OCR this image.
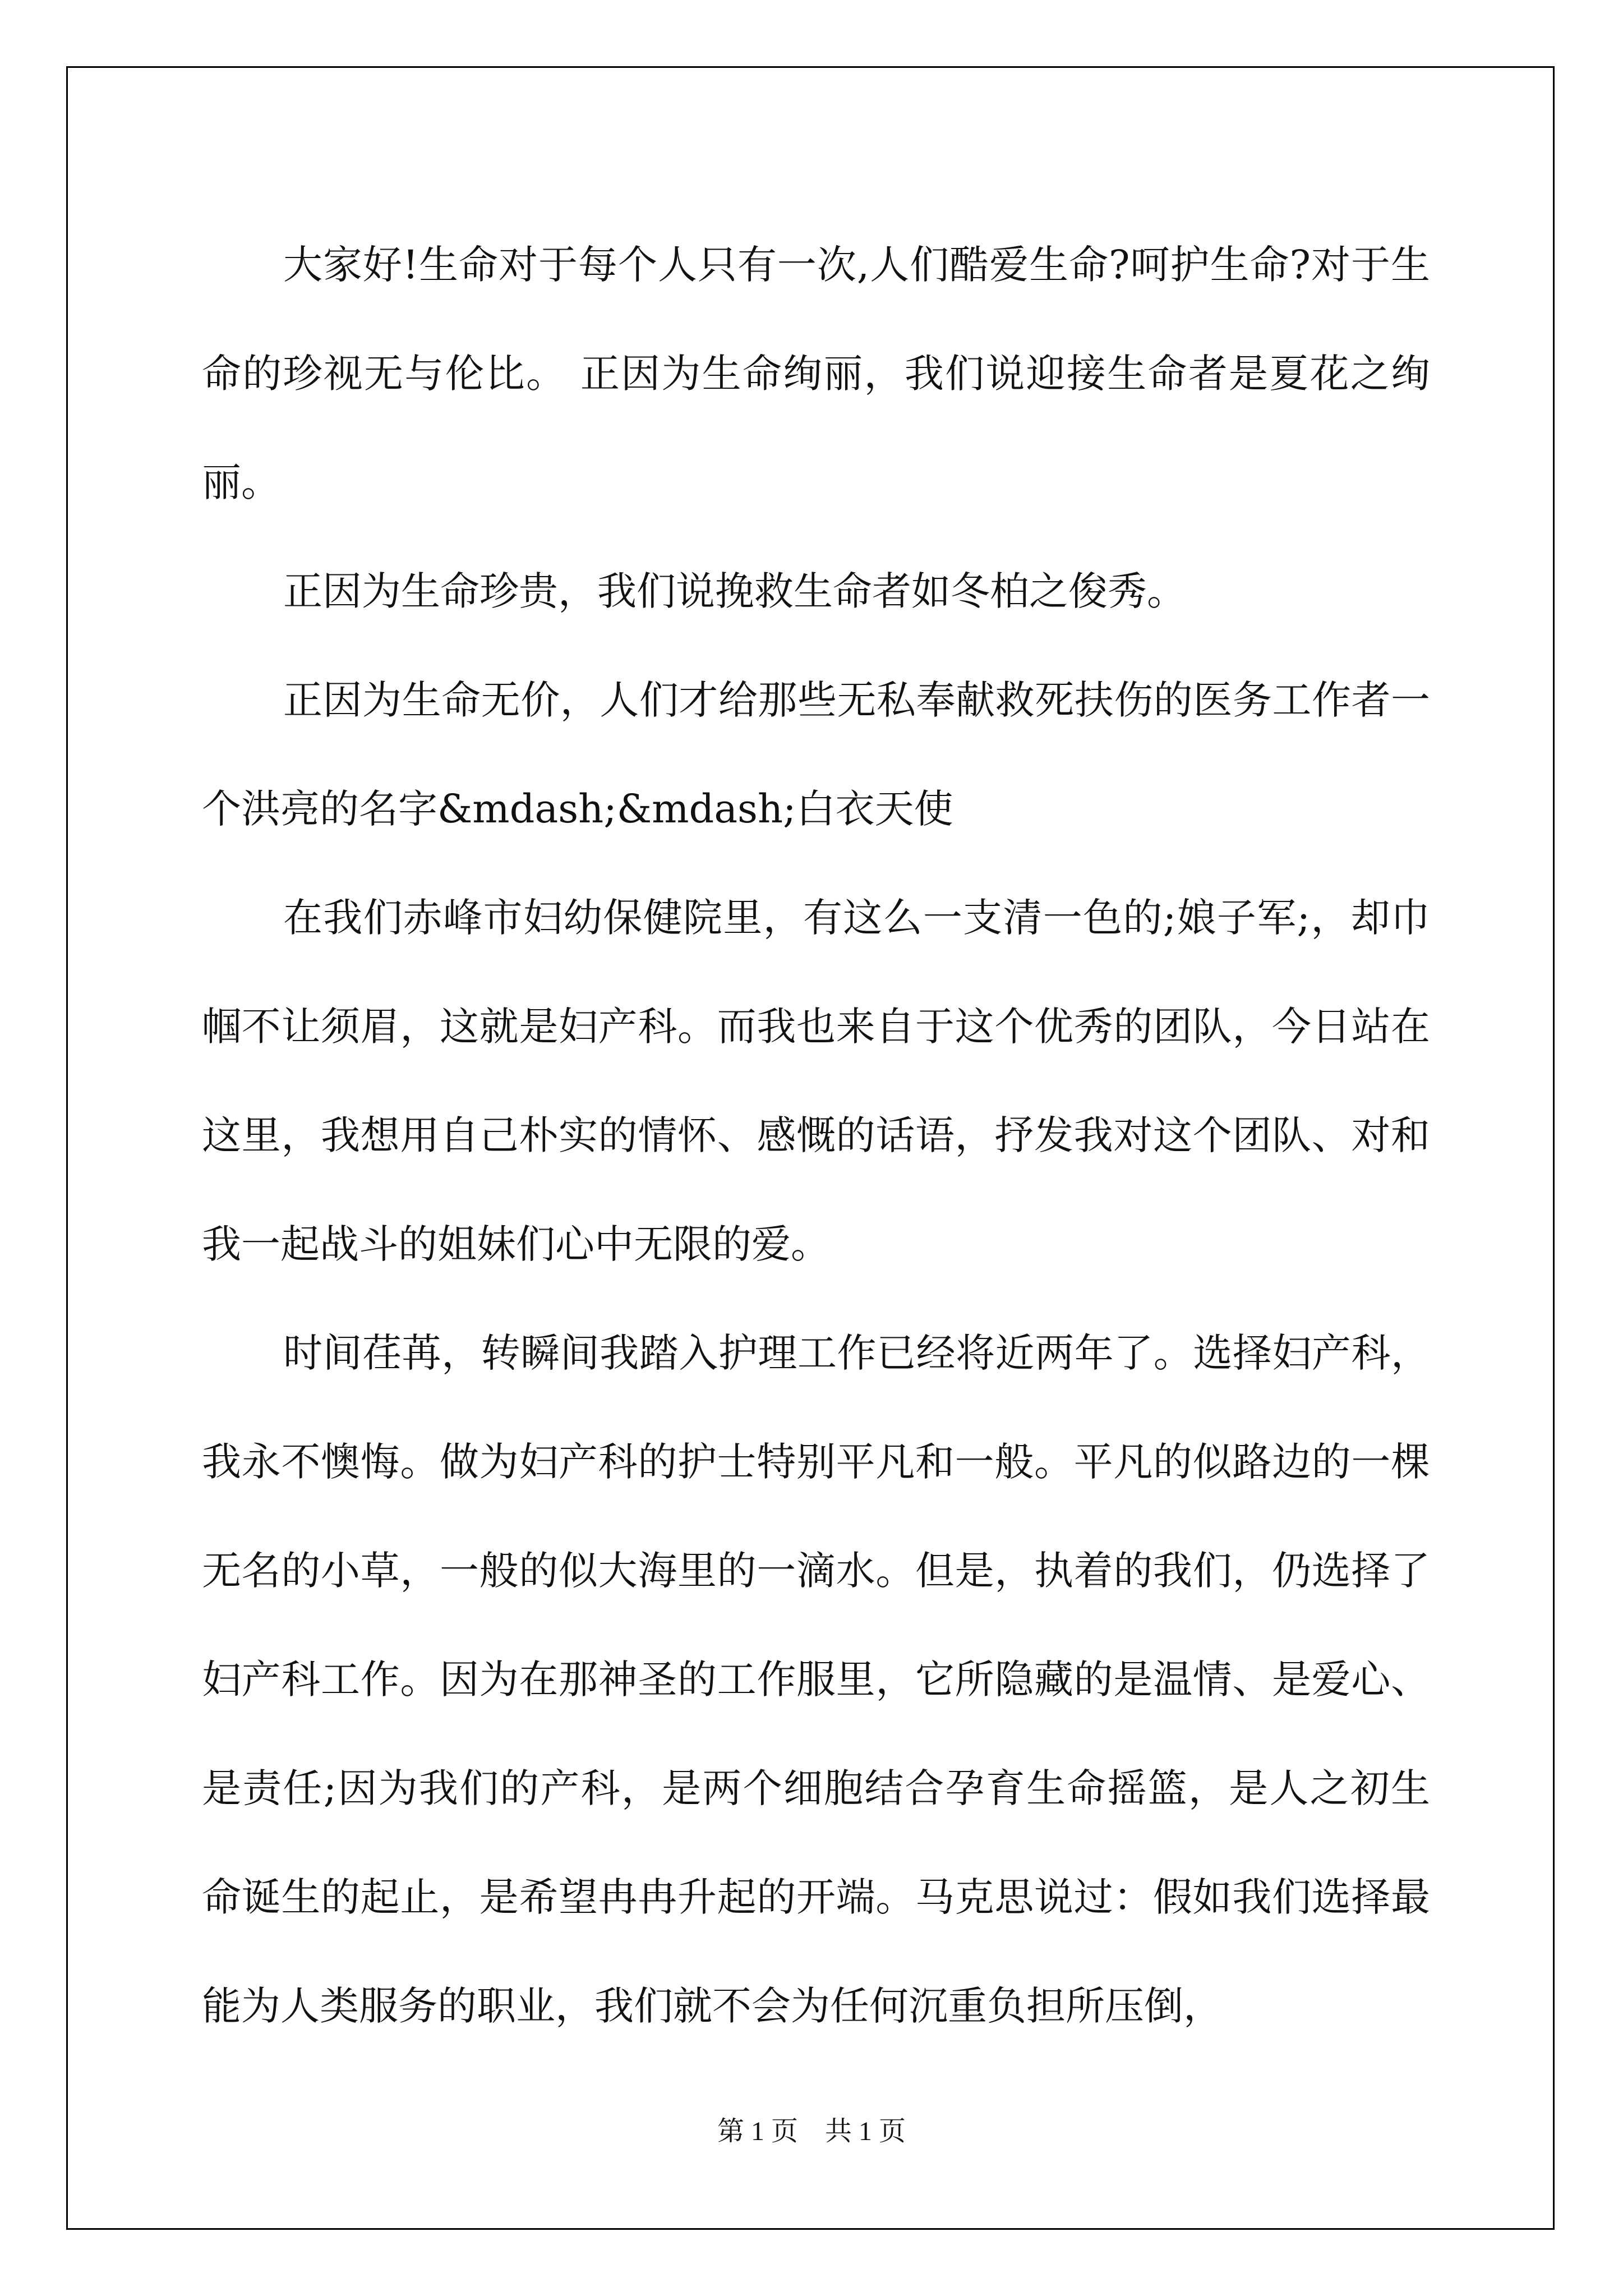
大家好!生命对于每个人只有一次,人们酷爱生命?呵护生命?对于生命的珍视无与伦比。 正因为生命绚丽，我们说迎接生命者是夏花之绚丽。

正因为生命珍贵，我们说挽救生命者如冬柏之俊秀。

正因为生命无价，人们才给那些无私奉献救死扶伤的医务工作者一个洪亮的名字&mdash;&mdash;白衣天使

在我们赤峰市妇幼保健院里，有这么一支清一色的;娘子军;，却巾帼不让须眉，这就是妇产科。而我也来自于这个优秀的团队，今日站在这里，我想用自己朴实的情怀、感慨的话语，抒发我对这个团队、对和我一起战斗的姐妹们心中无限的爱。

时间荏苒，转瞬间我踏入护理工作已经将近两年了。选择妇产科，我永不懊悔。做为妇产科的护士特别平凡和一般。平凡的似路边的一棵无名的小草，一般的似大海里的一滴水。但是，执着的我们，仍选择了妇产科工作。因为在那神圣的工作服里，它所隐藏的是温情、是爱心、是责任;因为我们的产科，是两个细胞结合孕育生命摇篮，是人之初生命诞生的起止，是希望冉冉升起的开端。马克思说过：假如我们选择最能为人类服务的职业，我们就不会为任何沉重负担所压倒，

第 1 页　共 1 页
